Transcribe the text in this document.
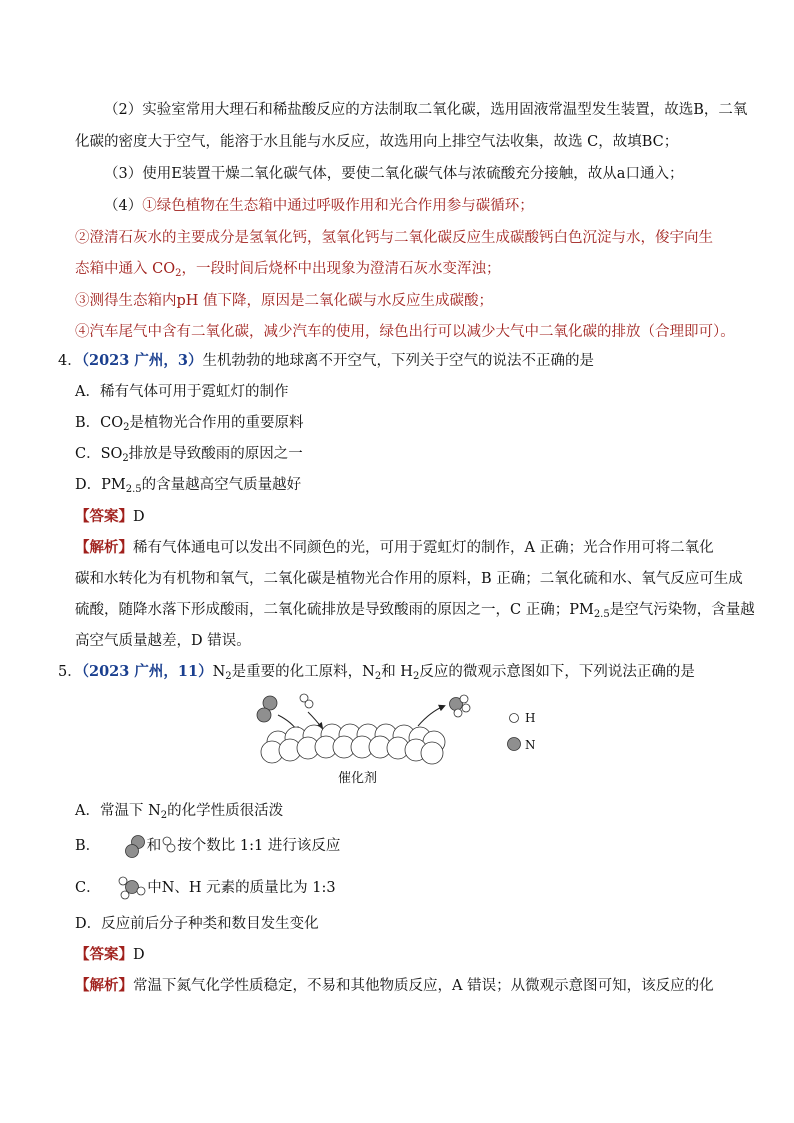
（2）实验室常用大理石和稀盐酸反应的方法制取二氧化碳，选用固液常温型发生装置，故选B，二氧
化碳的密度大于空气，能溶于水且能与水反应，故选用向上排空气法收集，故选 C，故填BC；
（3）使用E装置干燥二氧化碳气体，要使二氧化碳气体与浓硫酸充分接触，故从a口通入；
（4）①绿色植物在生态箱中通过呼吸作用和光合作用参与碳循环；
②澄清石灰水的主要成分是氢氧化钙，氢氧化钙与二氧化碳反应生成碳酸钙白色沉淀与水，俊宇向生
态箱中通入 $CO_2$，一段时间后烧杯中出现象为澄清石灰水变浑浊；
③测得生态箱内pH 值下降，原因是二氧化碳与水反应生成碳酸；
④汽车尾气中含有二氧化碳，减少汽车的使用，绿色出行可以减少大气中二氧化碳的排放（合理即可）。
4．（2023 广州，3）生机勃勃的地球离不开空气，下列关于空气的说法不正确的是
A．稀有气体可用于霓虹灯的制作
B．$CO_2$是植物光合作用的重要原料
C．$SO_2$排放是导致酸雨的原因之一
D．$PM_{2.5}$的含量越高空气质量越好
【答案】D
【解析】稀有气体通电可以发出不同颜色的光，可用于霓虹灯的制作，A 正确；光合作用可将二氧化
碳和水转化为有机物和氧气，二氧化碳是植物光合作用的原料，B 正确；二氧化硫和水、氧气反应可生成
硫酸，随降水落下形成酸雨，二氧化硫排放是导致酸雨的原因之一，C 正确；$PM_{2.5}$是空气污染物，含量越
高空气质量越差，D 错误。
5．（2023 广州，$11)N_2$是重要的化工原料，$N_2$和 $H_2$反应的微观示意图如下，下列说法正确的是
H
N
催化剂
A．常温下 $N_2$的化学性质很活泼
B．	和 按个数比 1:1 进行该反应
C．	中N、H 元素的质量比为 1:3
D．反应前后分子种类和数目发生变化
【答案】D
【解析】常温下氮气化学性质稳定，不易和其他物质反应，A 错误；从微观示意图可知，该反应的化
